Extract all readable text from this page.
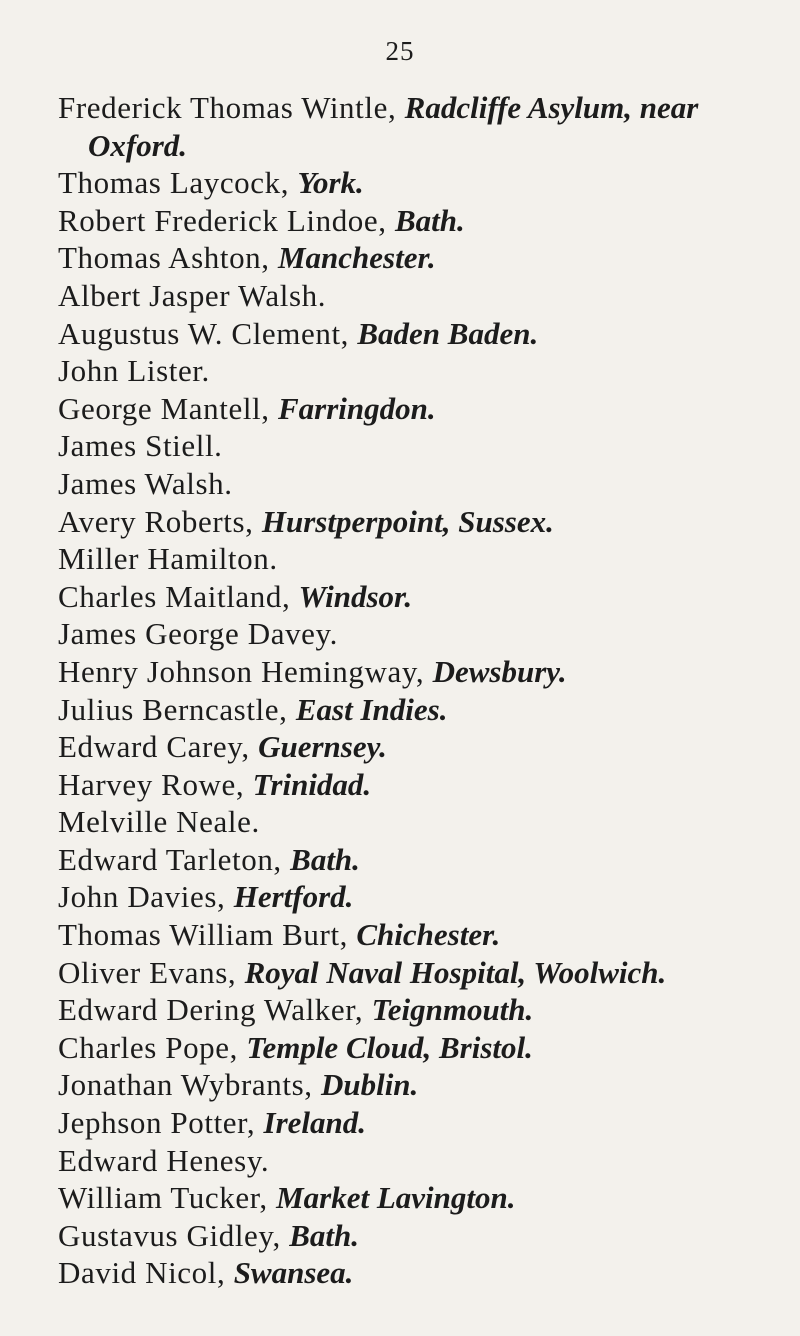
25
Frederick Thomas Wintle, Radcliffe Asylum, near
Oxford.
Thomas Laycock, York.
Robert Frederick Lindoe, Bath.
Thomas Ashton, Manchester.
Albert Jasper Walsh.
Augustus W. Clement, Baden Baden.
John Lister.
George Mantell, Farringdon.
James Stiell.
James Walsh.
Avery Roberts, Hurstperpoint, Sussex.
Miller Hamilton.
Charles Maitland, Windsor.
James George Davey.
Henry Johnson Hemingway, Dewsbury.
Julius Berncastle, East Indies.
Edward Carey, Guernsey.
Harvey Rowe, Trinidad.
Melville Neale.
Edward Tarleton, Bath.
John Davies, Hertford.
Thomas William Burt, Chichester.
Oliver Evans, Royal Naval Hospital, Woolwich.
Edward Dering Walker, Teignmouth.
Charles Pope, Temple Cloud, Bristol.
Jonathan Wybrants, Dublin.
Jephson Potter, Ireland.
Edward Henesy.
William Tucker, Market Lavington.
Gustavus Gidley, Bath.
David Nicol, Swansea.
